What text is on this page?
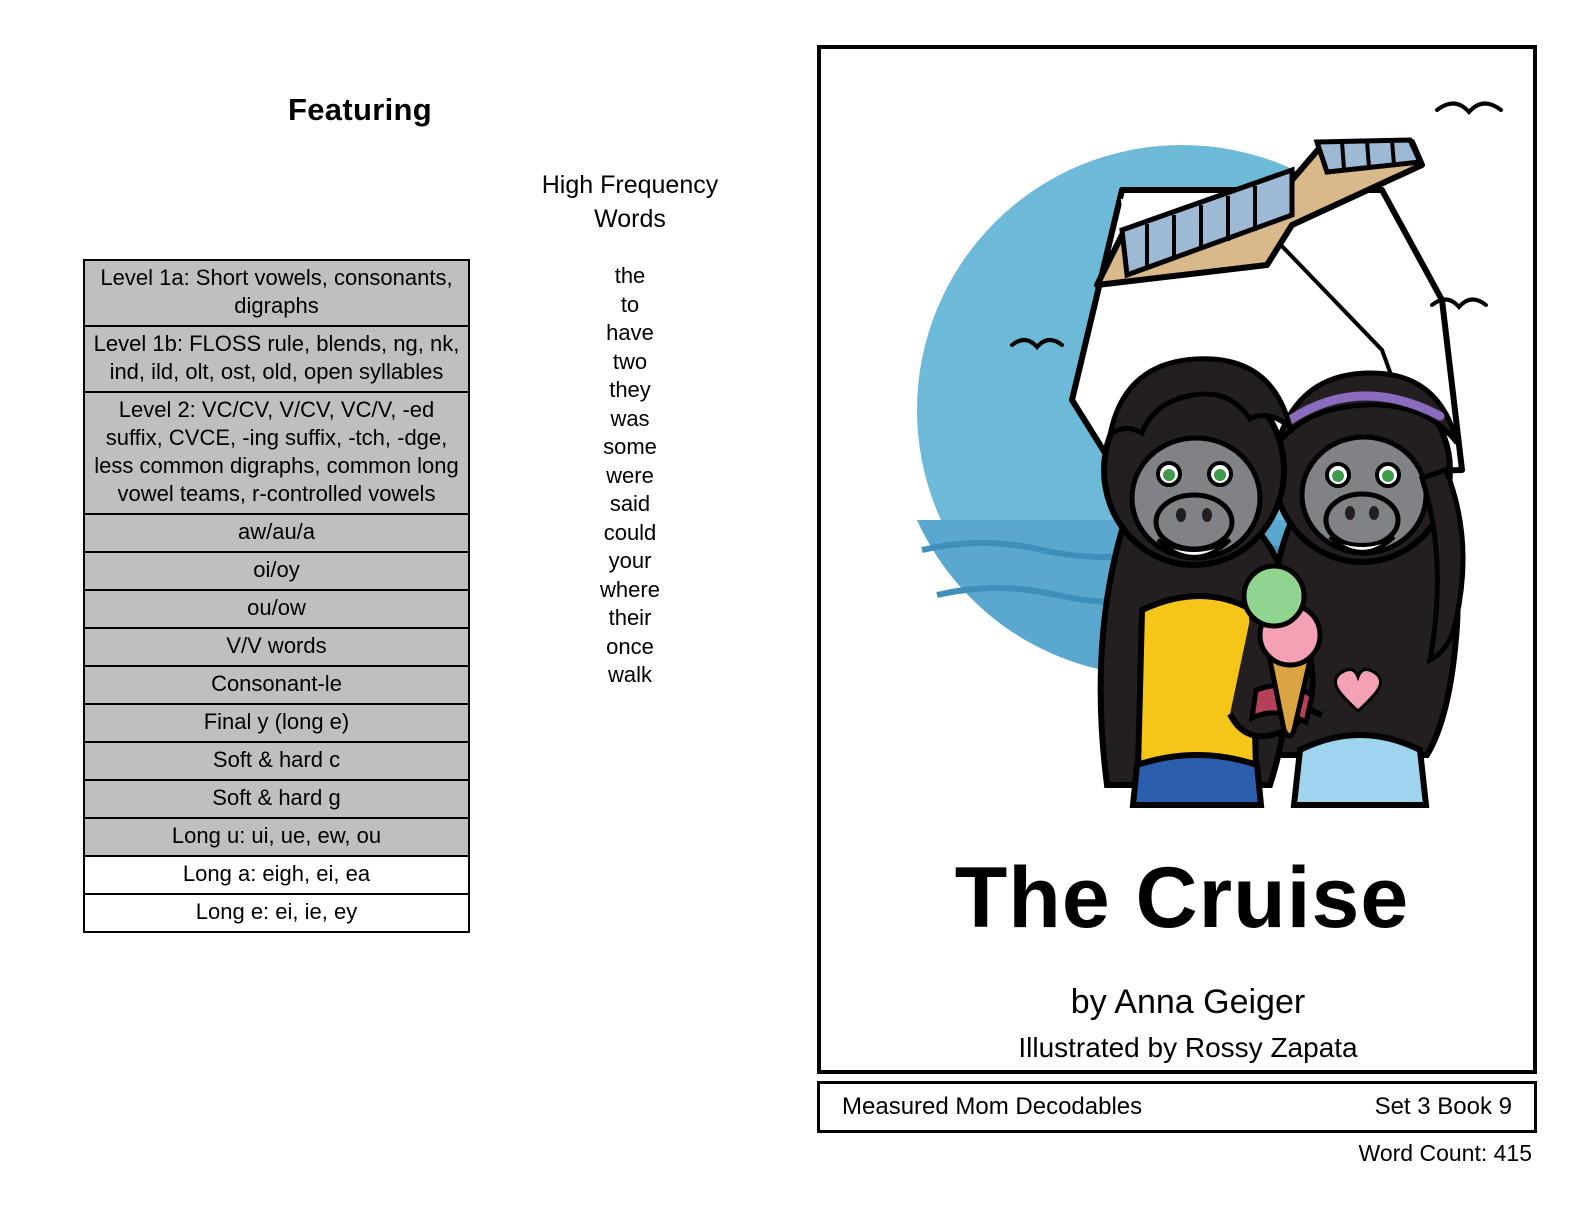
Featuring
Level 1a: Short vowels, consonants, digraphs
Level 1b: FLOSS rule, blends, ng, nk, ind, ild, olt, ost, old, open syllables
Level 2: VC/CV, V/CV, VC/V, -ed suffix, CVCE, -ing suffix, -tch, -dge, less common digraphs, common long vowel teams, r-controlled vowels
aw/au/a
oi/oy
ou/ow
V/V words
Consonant-le
Final y (long e)
Soft & hard c
Soft & hard g
Long u: ui, ue, ew, ou
Long a: eigh, ei, ea
Long e: ei, ie, ey
High Frequency
Words
the
to
have
two
they
was
some
were
said
could
your
where
their
once
walk
The Cruise
by Anna Geiger
Illustrated by Rossy Zapata
Measured Mom Decodables	Set 3 Book 9
Word Count: 415
